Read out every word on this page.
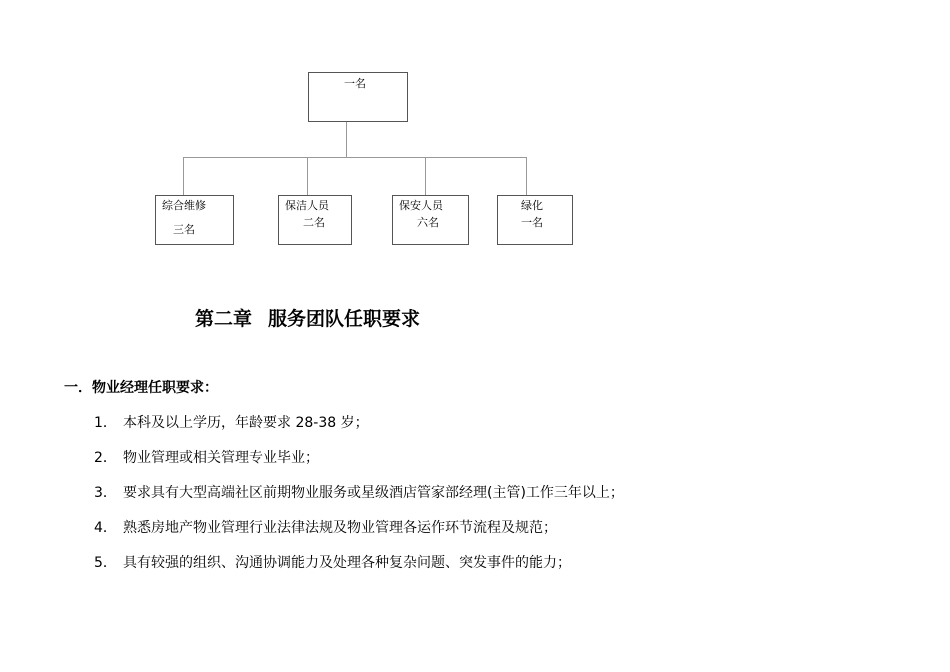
一名
综合维修
三名
保洁人员
二名
保安人员
六名
绿化
一名
第二章 服务团队任职要求
一．物业经理任职要求：
1． 本科及以上学历，年龄要求 28-38 岁；
2． 物业管理或相关管理专业毕业；
3． 要求具有大型高端社区前期物业服务或星级酒店管家部经理(主管)工作三年以上；
4． 熟悉房地产物业管理行业法律法规及物业管理各运作环节流程及规范；
5． 具有较强的组织、沟通协调能力及处理各种复杂问题、突发事件的能力；
